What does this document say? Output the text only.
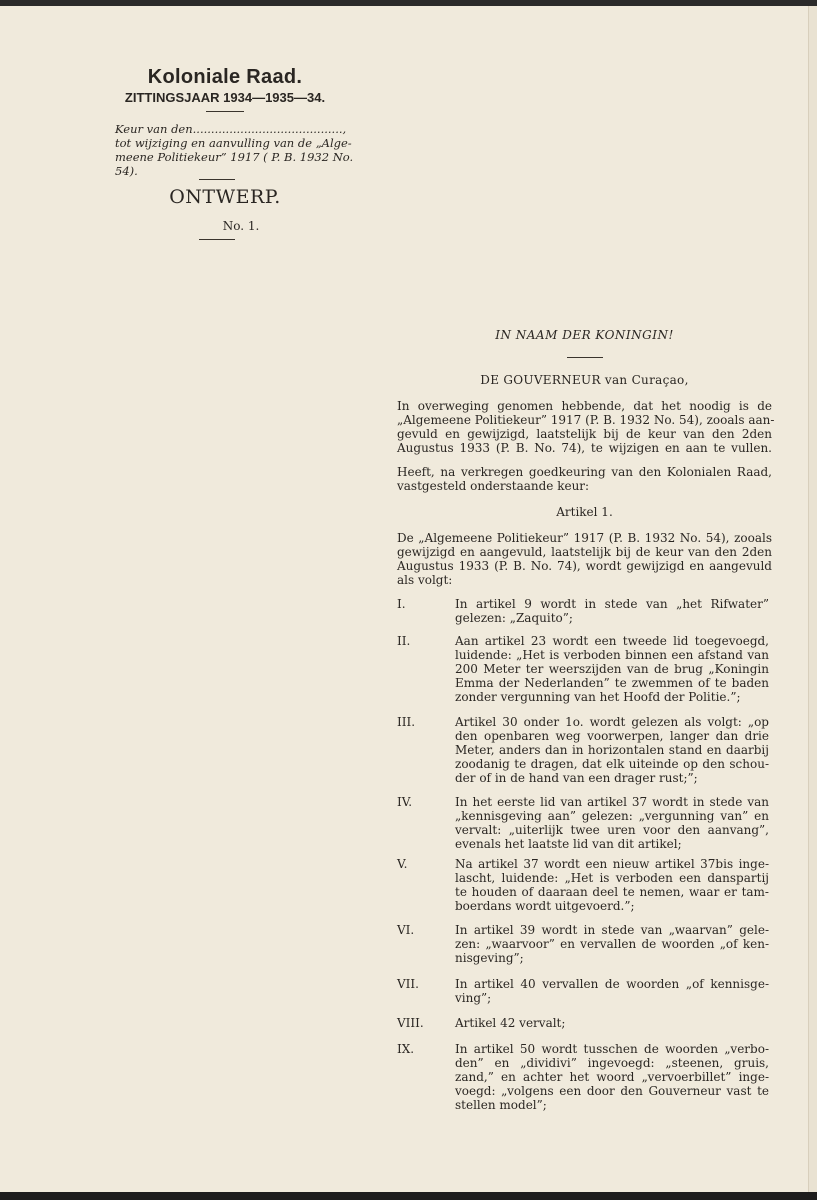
Koloniale Raad.
ZITTINGSJAAR 1934—1935—34.
Keur van den.........................................,
tot wijziging en aanvulling van de „Alge-
meene Politiekeur” 1917 ( P. B. 1932 No.
54).
ONTWERP.
No. 1.
IN NAAM DER KONINGIN!
DE GOUVERNEUR van Curaçao,
In overweging genomen hebbende, dat het noodig is de
„Algemeene Politiekeur” 1917 (P. B. 1932 No. 54), zooals aan-
gevuld en gewijzigd, laatstelijk bij de keur van den 2den
Augustus 1933 (P. B. No. 74), te wijzigen en aan te vullen.
Heeft, na verkregen goedkeuring van den Kolonialen Raad,
vastgesteld onderstaande keur:
Artikel 1.
De „Algemeene Politiekeur” 1917 (P. B. 1932 No. 54), zooals
gewijzigd en aangevuld, laatstelijk bij de keur van den 2den
Augustus 1933 (P. B. No. 74), wordt gewijzigd en aangevuld
als volgt:
I.	In artikel 9 wordt in stede van „het Rifwater”
gelezen: „Zaquito”;
II.	Aan artikel 23 wordt een tweede lid toegevoegd,
luidende: „Het is verboden binnen een afstand van
200 Meter ter weerszijden van de brug „Koningin
Emma der Nederlanden” te zwemmen of te baden
zonder vergunning van het Hoofd der Politie.”;
III.	Artikel 30 onder 1o. wordt gelezen als volgt: „op
den openbaren weg voorwerpen, langer dan drie
Meter, anders dan in horizontalen stand en daarbij
zoodanig te dragen, dat elk uiteinde op den schou-
der of in de hand van een drager rust;”;
IV.	In het eerste lid van artikel 37 wordt in stede van
„kennisgeving aan” gelezen: „vergunning van” en
vervalt: „uiterlijk twee uren voor den aanvang”,
evenals het laatste lid van dit artikel;
V.	Na artikel 37 wordt een nieuw artikel 37bis inge-
lascht, luidende: „Het is verboden een danspartij
te houden of daaraan deel te nemen, waar er tam-
boerdans wordt uitgevoerd.”;
VI.	In artikel 39 wordt in stede van „waarvan” gele-
zen: „waarvoor” en vervallen de woorden „of ken-
nisgeving”;
VII.	In artikel 40 vervallen de woorden „of kennisge-
ving”;
VIII.	Artikel 42 vervalt;
IX.	In artikel 50 wordt tusschen de woorden „verbo-
den” en „dividivi” ingevoegd: „steenen, gruis,
zand,” en achter het woord „vervoerbillet” inge-
voegd: „volgens een door den Gouverneur vast te
stellen model”;
